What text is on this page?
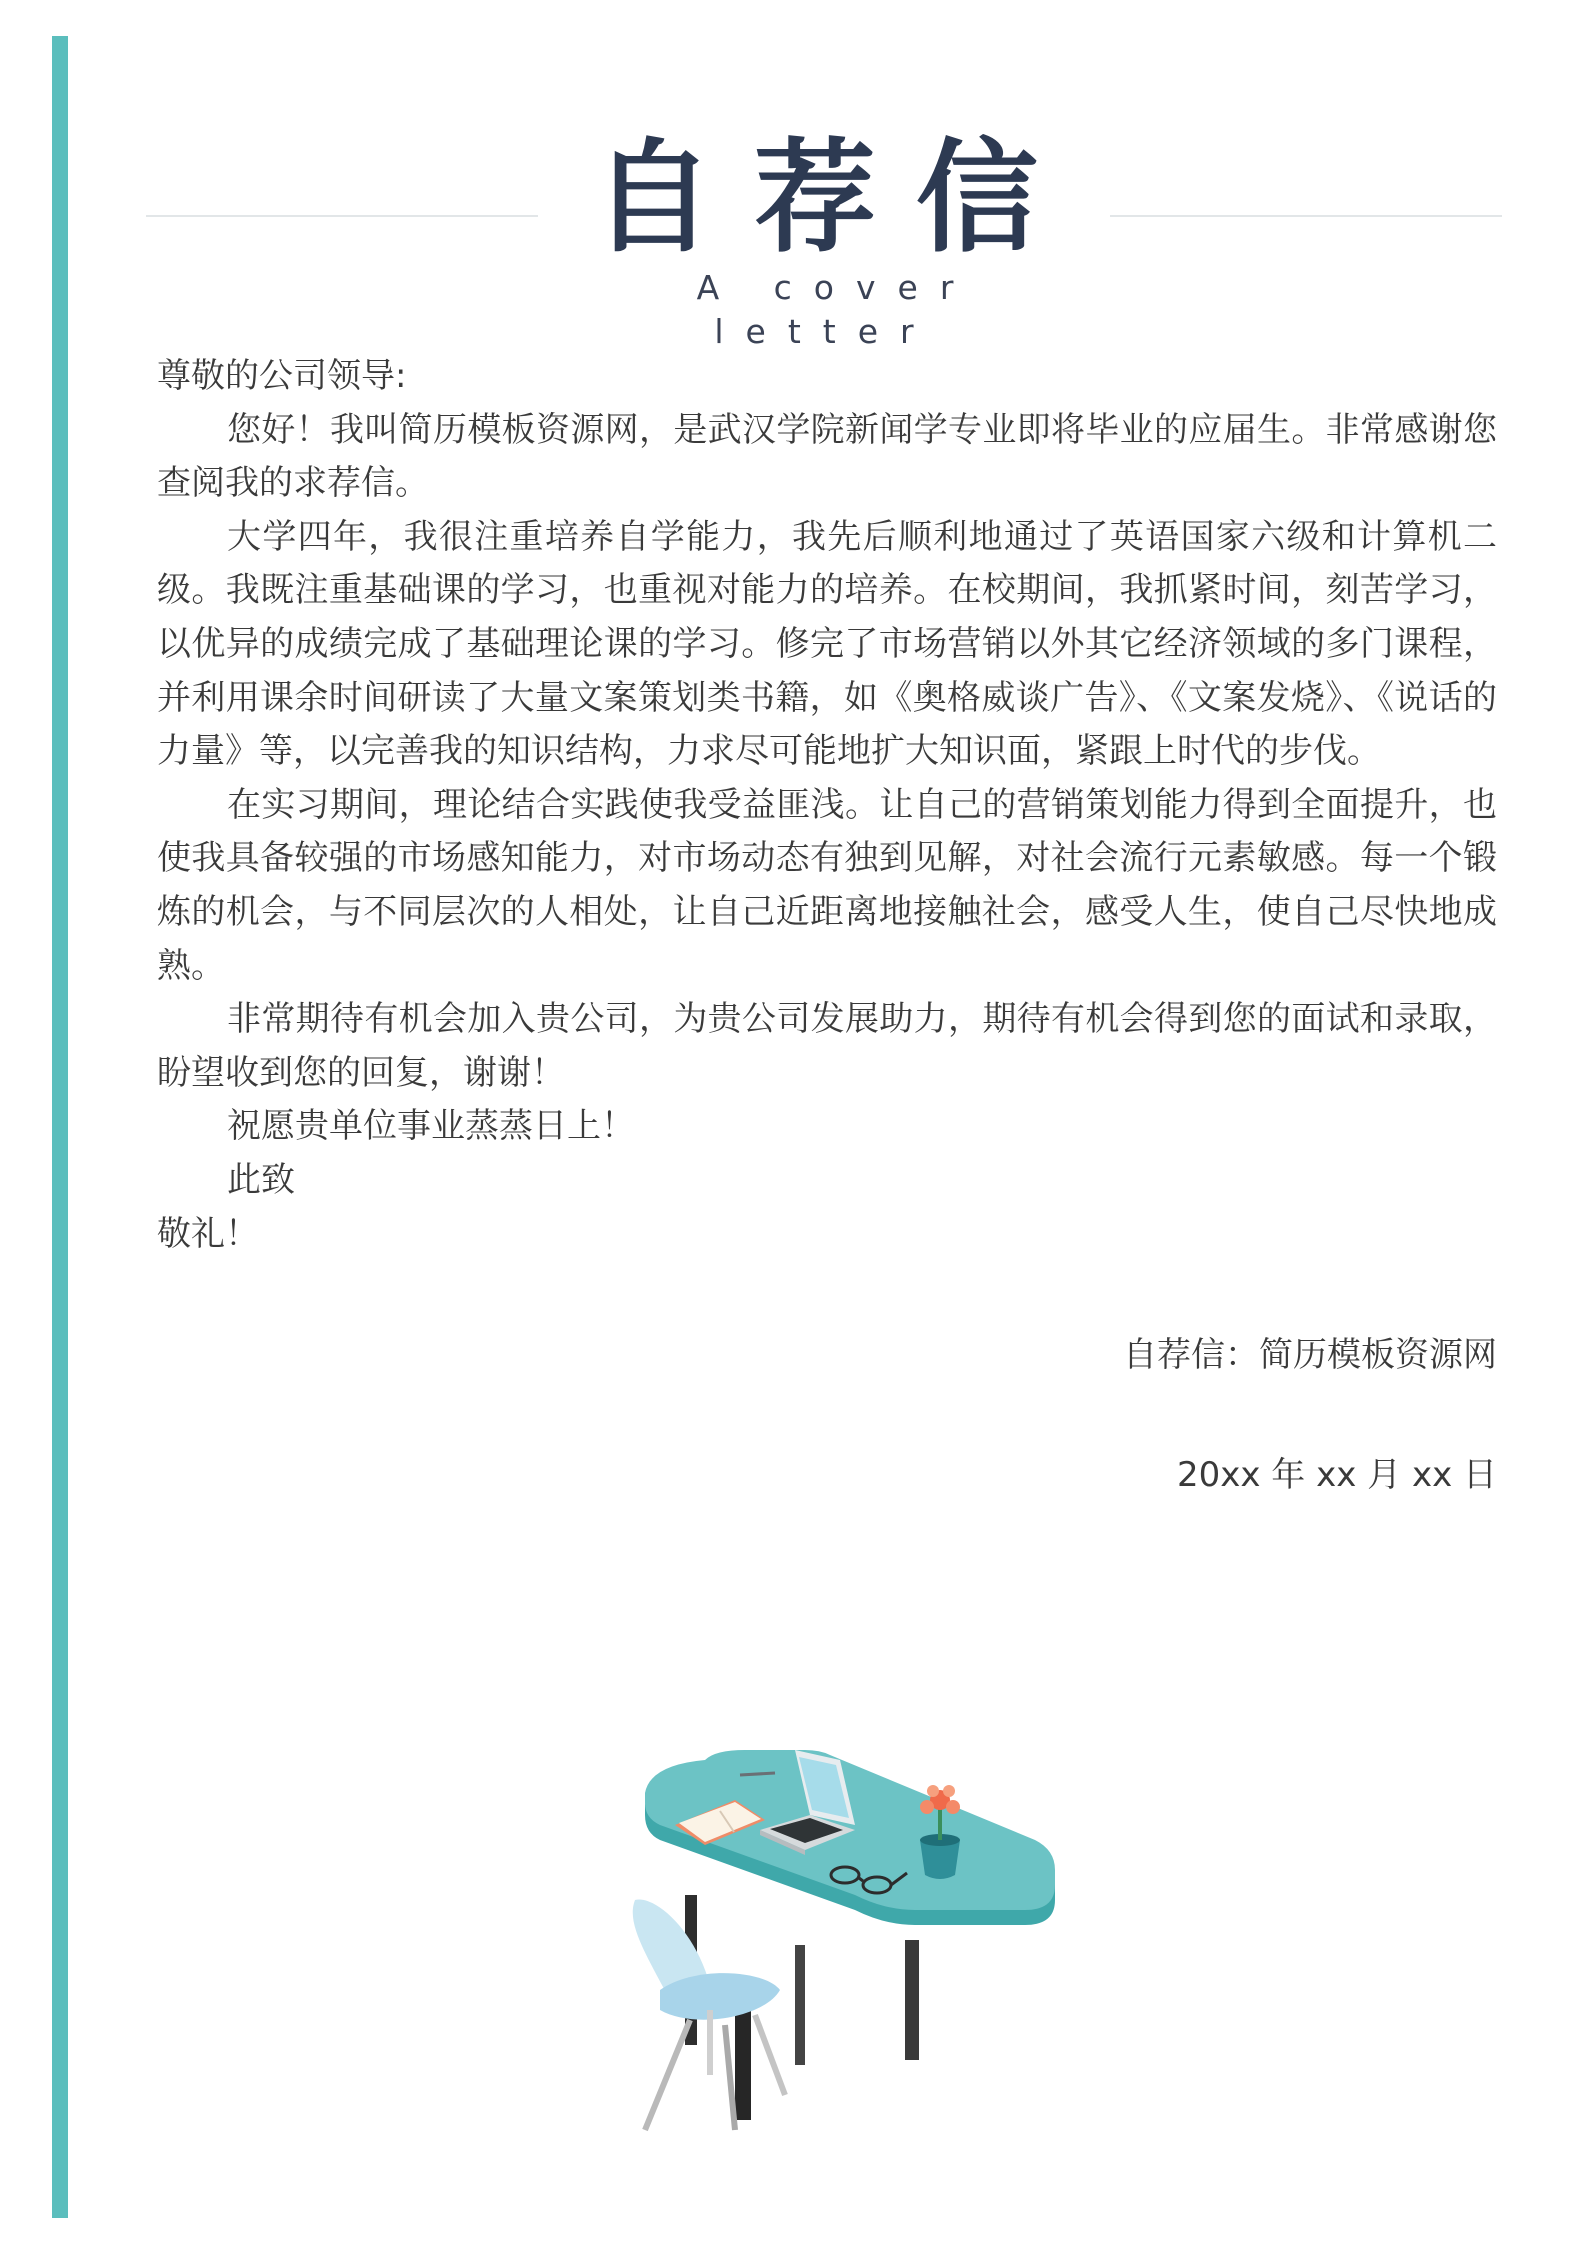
自荐信
A cover letter

尊敬的公司领导:

您好！我叫简历模板资源网，是武汉学院新闻学专业即将毕业的应届生。非常感谢您查阅我的求荐信。

大学四年，我很注重培养自学能力，我先后顺利地通过了英语国家六级和计算机二级。我既注重基础课的学习，也重视对能力的培养。在校期间，我抓紧时间，刻苦学习，以优异的成绩完成了基础理论课的学习。修完了市场营销以外其它经济领域的多门课程，并利用课余时间研读了大量文案策划类书籍，如《奥格威谈广告》、《文案发烧》、《说话的力量》等，以完善我的知识结构，力求尽可能地扩大知识面，紧跟上时代的步伐。

在实习期间，理论结合实践使我受益匪浅。让自己的营销策划能力得到全面提升，也使我具备较强的市场感知能力，对市场动态有独到见解，对社会流行元素敏感。每一个锻炼的机会，与不同层次的人相处，让自己近距离地接触社会，感受人生，使自己尽快地成熟。

非常期待有机会加入贵公司，为贵公司发展助力，期待有机会得到您的面试和录取，盼望收到您的回复，谢谢！

祝愿贵单位事业蒸蒸日上！

此致

敬礼！

自荐信：简历模板资源网
20xx 年 xx 月 xx 日
